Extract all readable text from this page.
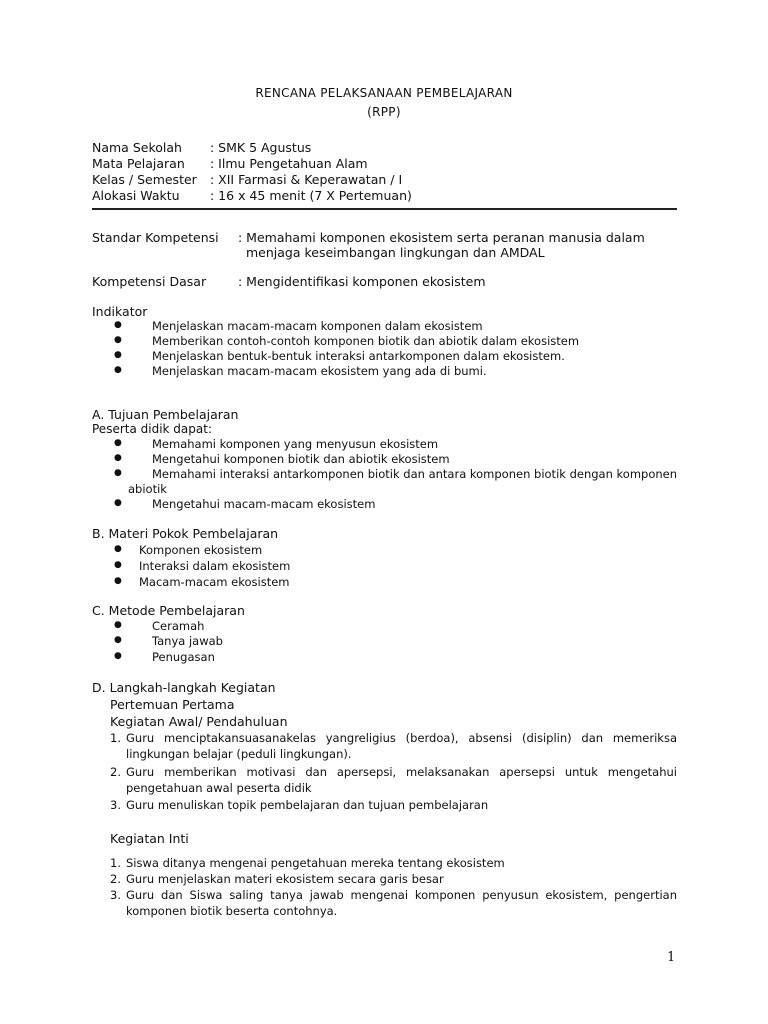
RENCANA PELAKSANAAN PEMBELAJARAN
(RPP)
Nama Sekolah : SMK 5 Agustus
Mata Pelajaran : Ilmu Pengetahuan Alam
Kelas / Semester : XII Farmasi & Keperawatan / I
Alokasi Waktu : 16 x 45 menit (7 X Pertemuan)
Standar Kompetensi : Memahami komponen ekosistem serta peranan manusia dalam
menjaga keseimbangan lingkungan dan AMDAL
Kompetensi Dasar	: Mengidentifikasi komponen ekosistem
Indikator
●	Menjelaskan macam-macam komponen dalam ekosistem
●	Memberikan contoh-contoh komponen biotik dan abiotik dalam ekosistem
●	Menjelaskan bentuk-bentuk interaksi antarkomponen dalam ekosistem.
●	Menjelaskan macam-macam ekosistem yang ada di bumi.
A. Tujuan Pembelajaran
Peserta didik dapat:
●	Memahami komponen yang menyusun ekosistem
●	Mengetahui komponen biotik dan abiotik ekosistem
●	Memahami interaksi antarkomponen biotik dan antara komponen biotik dengan komponen
abiotik
●	Mengetahui macam-macam ekosistem
B. Materi Pokok Pembelajaran
● Komponen ekosistem
● Interaksi dalam ekosistem
● Macam-macam ekosistem
C. Metode Pembelajaran
●	Ceramah
●	Tanya jawab
●	Penugasan
D. Langkah-langkah Kegiatan
Pertemuan Pertama
Kegiatan Awal/ Pendahuluan
1. Guru menciptakansuasanakelas yangreligius (berdoa), absensi (disiplin) dan memeriksa
lingkungan belajar (peduli lingkungan).
2. Guru memberikan motivasi dan apersepsi, melaksanakan apersepsi untuk mengetahui
pengetahuan awal peserta didik
3. Guru menuliskan topik pembelajaran dan tujuan pembelajaran
Kegiatan Inti
1. Siswa ditanya mengenai pengetahuan mereka tentang ekosistem
2. Guru menjelaskan materi ekosistem secara garis besar
3. Guru dan Siswa saling tanya jawab mengenai komponen penyusun ekosistem, pengertian
komponen biotik beserta contohnya.
1
